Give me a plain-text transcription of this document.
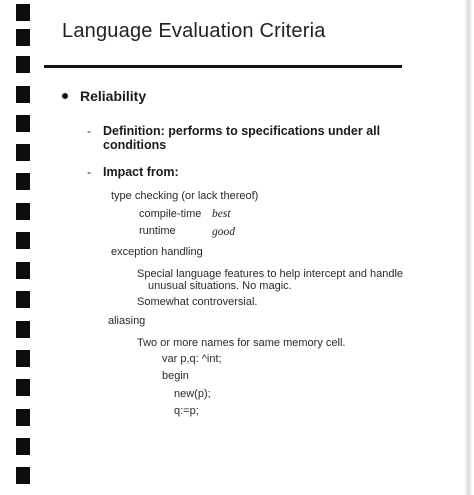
Language Evaluation Criteria
Reliability
- Definition: performs to specifications under all
conditions
- Impact from:
type checking (or lack thereof)
compile-time best
runtime	good
exception handling
Special language features to help intercept and handle
unusual situations. No magic.
Somewhat controversial.
aliasing
Two or more names for same memory cell.
var p,q: ^int;
begin
new(p);
q:=p;
